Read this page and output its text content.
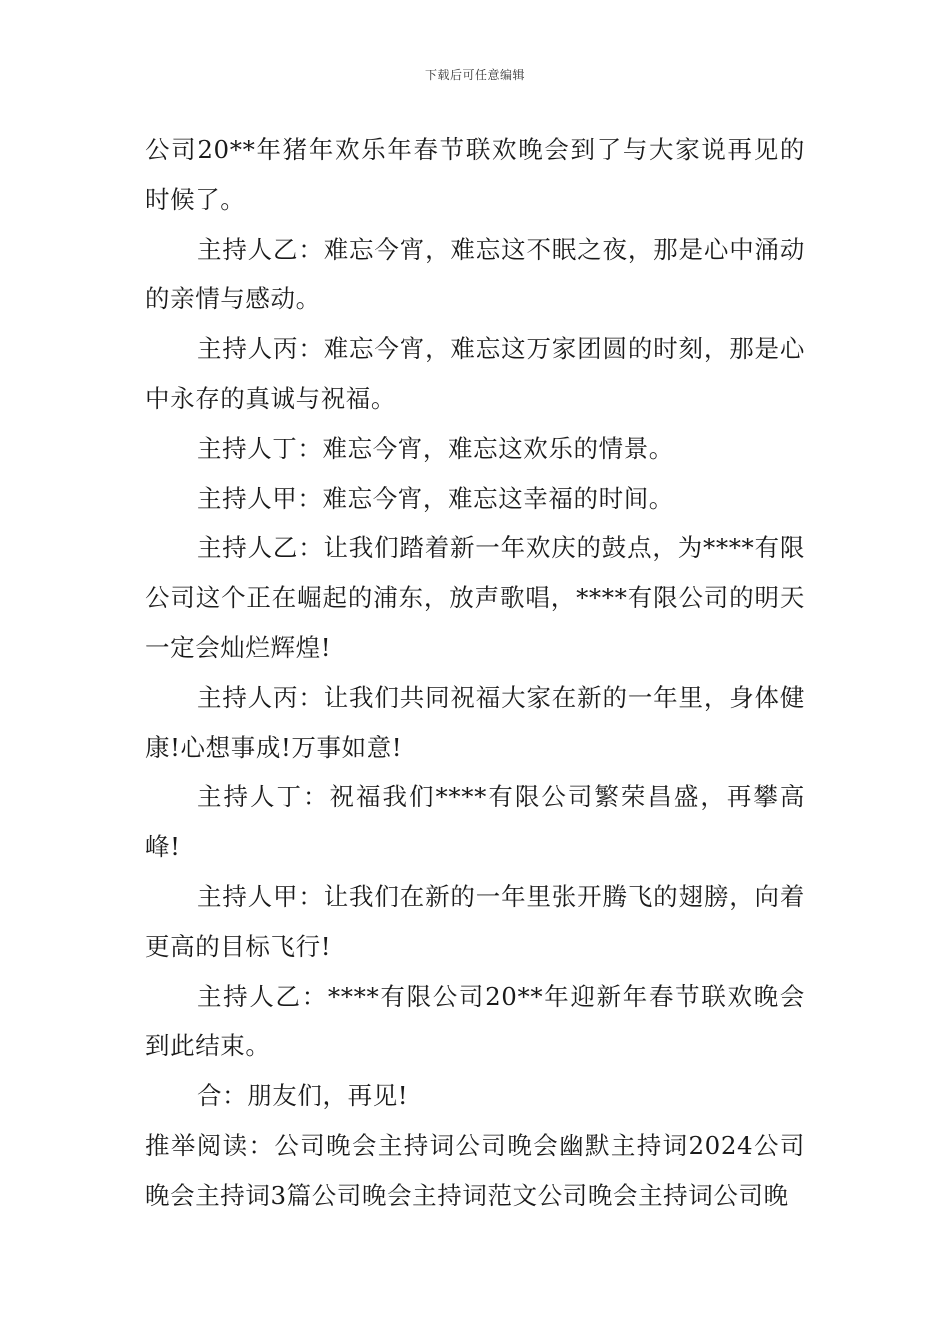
下载后可任意编辑

公司20**年猪年欢乐年春节联欢晚会到了与大家说再见的时候了。

主持人乙：难忘今宵，难忘这不眠之夜，那是心中涌动的亲情与感动。

主持人丙：难忘今宵，难忘这万家团圆的时刻，那是心中永存的真诚与祝福。

主持人丁：难忘今宵，难忘这欢乐的情景。

主持人甲：难忘今宵，难忘这幸福的时间。

主持人乙：让我们踏着新一年欢庆的鼓点，为****有限公司这个正在崛起的浦东，放声歌唱，****有限公司的明天一定会灿烂辉煌!

主持人丙：让我们共同祝福大家在新的一年里，身体健康!心想事成!万事如意!

主持人丁：祝福我们****有限公司繁荣昌盛，再攀高峰!

主持人甲：让我们在新的一年里张开腾飞的翅膀，向着更高的目标飞行!

主持人乙：****有限公司20**年迎新年春节联欢晚会到此结束。

合：朋友们，再见!

推举阅读：公司晚会主持词公司晚会幽默主持词2024公司晚会主持词3篇公司晚会主持词范文公司晚会主持词公司晚
